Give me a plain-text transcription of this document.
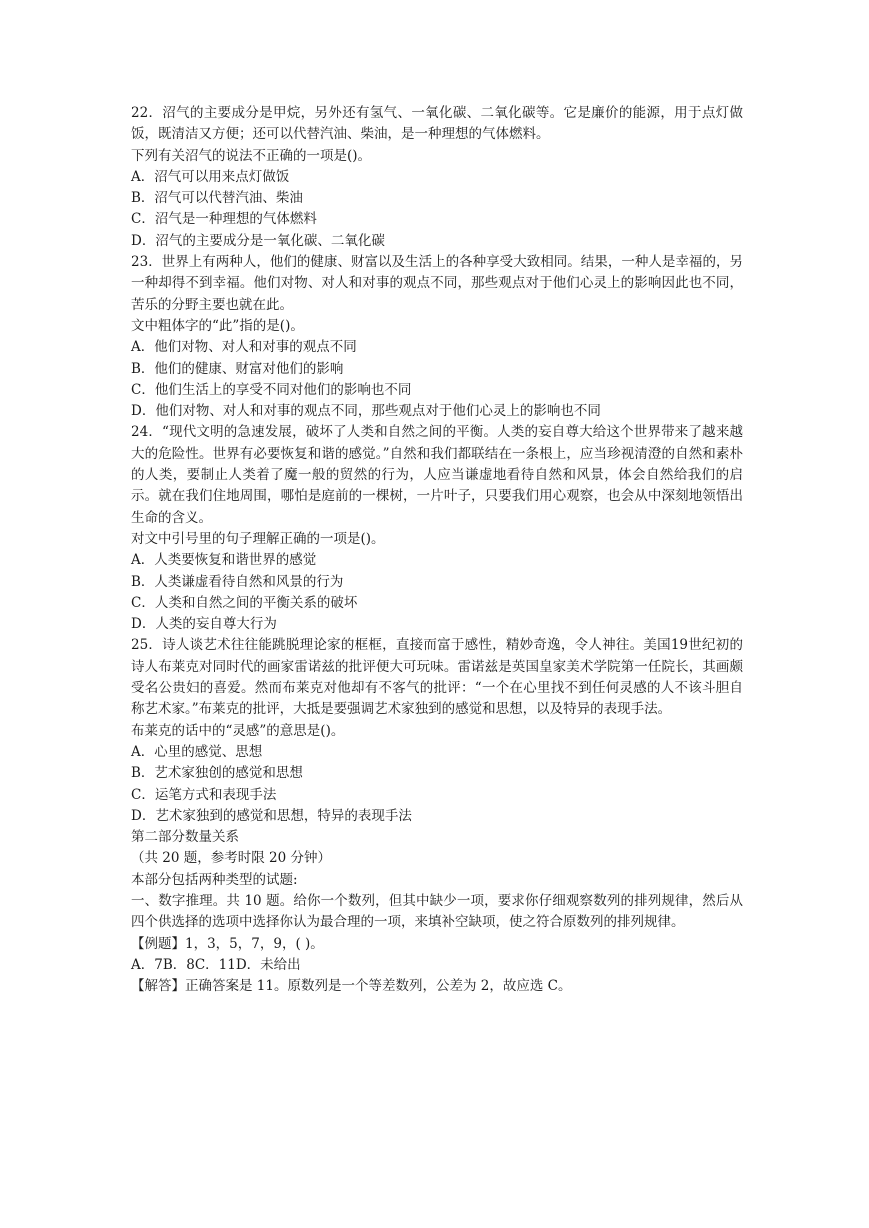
22．沼气的主要成分是甲烷，另外还有氢气、一氧化碳、二氧化碳等。它是廉价的能源，用于点灯做饭，既清洁又方便；还可以代替汽油、柴油，是一种理想的气体燃料。

下列有关沼气的说法不正确的一项是()。

A．沼气可以用来点灯做饭

B．沼气可以代替汽油、柴油

C．沼气是一种理想的气体燃料

D．沼气的主要成分是一氧化碳、二氧化碳

23．世界上有两种人，他们的健康、财富以及生活上的各种享受大致相同。结果，一种人是幸福的，另一种却得不到幸福。他们对物、对人和对事的观点不同，那些观点对于他们心灵上的影响因此也不同，苦乐的分野主要也就在此。

文中粗体字的“此”指的是()。

A．他们对物、对人和对事的观点不同

B．他们的健康、财富对他们的影响

C．他们生活上的享受不同对他们的影响也不同

D．他们对物、对人和对事的观点不同，那些观点对于他们心灵上的影响也不同

24．“现代文明的急速发展，破坏了人类和自然之间的平衡。人类的妄自尊大给这个世界带来了越来越大的危险性。世界有必要恢复和谐的感觉。”自然和我们都联结在一条根上，应当珍视清澄的自然和素朴的人类，要制止人类着了魔一般的贸然的行为，人应当谦虚地看待自然和风景，体会自然给我们的启示。就在我们住地周围，哪怕是庭前的一棵树，一片叶子，只要我们用心观察，也会从中深刻地领悟出生命的含义。

对文中引号里的句子理解正确的一项是()。

A．人类要恢复和谐世界的感觉

B．人类谦虚看待自然和风景的行为

C．人类和自然之间的平衡关系的破坏

D．人类的妄自尊大行为

25．诗人谈艺术往往能跳脱理论家的框框，直接而富于感性，精妙奇逸，令人神往。美国19世纪初的诗人布莱克对同时代的画家雷诺兹的批评便大可玩味。雷诺兹是英国皇家美术学院第一任院长，其画颇受名公贵妇的喜爱。然而布莱克对他却有不客气的批评：“一个在心里找不到任何灵感的人不该斗胆自称艺术家。”布莱克的批评，大抵是要强调艺术家独到的感觉和思想，以及特异的表现手法。

布莱克的话中的“灵感”的意思是()。

A．心里的感觉、思想

B．艺术家独创的感觉和思想

C．运笔方式和表现手法

D．艺术家独到的感觉和思想，特异的表现手法

第二部分数量关系

（共 20 题，参考时限 20 分钟）

本部分包括两种类型的试题:

一、数字推理。共 10 题。给你一个数列，但其中缺少一项，要求你仔细观察数列的排列规律，然后从四个供选择的选项中选择你认为最合理的一项，来填补空缺项，使之符合原数列的排列规律。

【例题】1，3，5，7，9，( )。

A．7B．8C．11D．未给出

【解答】正确答案是 11。原数列是一个等差数列，公差为 2，故应选 C。
